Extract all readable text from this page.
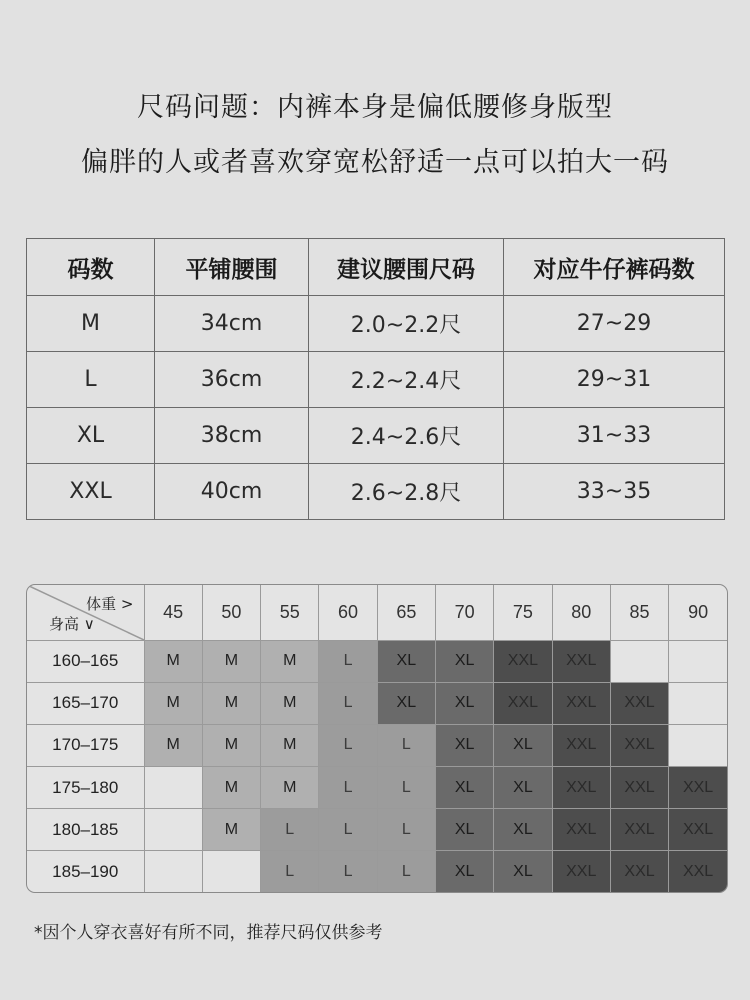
尺码问题：内裤本身是偏低腰修身版型
偏胖的人或者喜欢穿宽松舒适一点可以拍大一码
码数	平铺腰围	建议腰围尺码	对应牛仔裤码数
M	34cm	2.0~2.2尺	27~29
L	36cm	2.2~2.4尺	29~31
XL	38cm	2.4~2.6尺	31~33
XXL	40cm	2.6~2.8尺	33~35
体重 >
身高 ∨	45	50	55	60	65	70	75	80	85	90
160–165	M	M	M	L	XL	XL	XXL	XXL		
165–170	M	M	M	L	XL	XL	XXL	XXL	XXL	
170–175	M	M	M	L	L	XL	XL	XXL	XXL	
175–180		M	M	L	L	XL	XL	XXL	XXL	XXL
180–185		M	L	L	L	XL	XL	XXL	XXL	XXL
185–190			L	L	L	XL	XL	XXL	XXL	XXL
*因个人穿衣喜好有所不同，推荐尺码仅供参考
